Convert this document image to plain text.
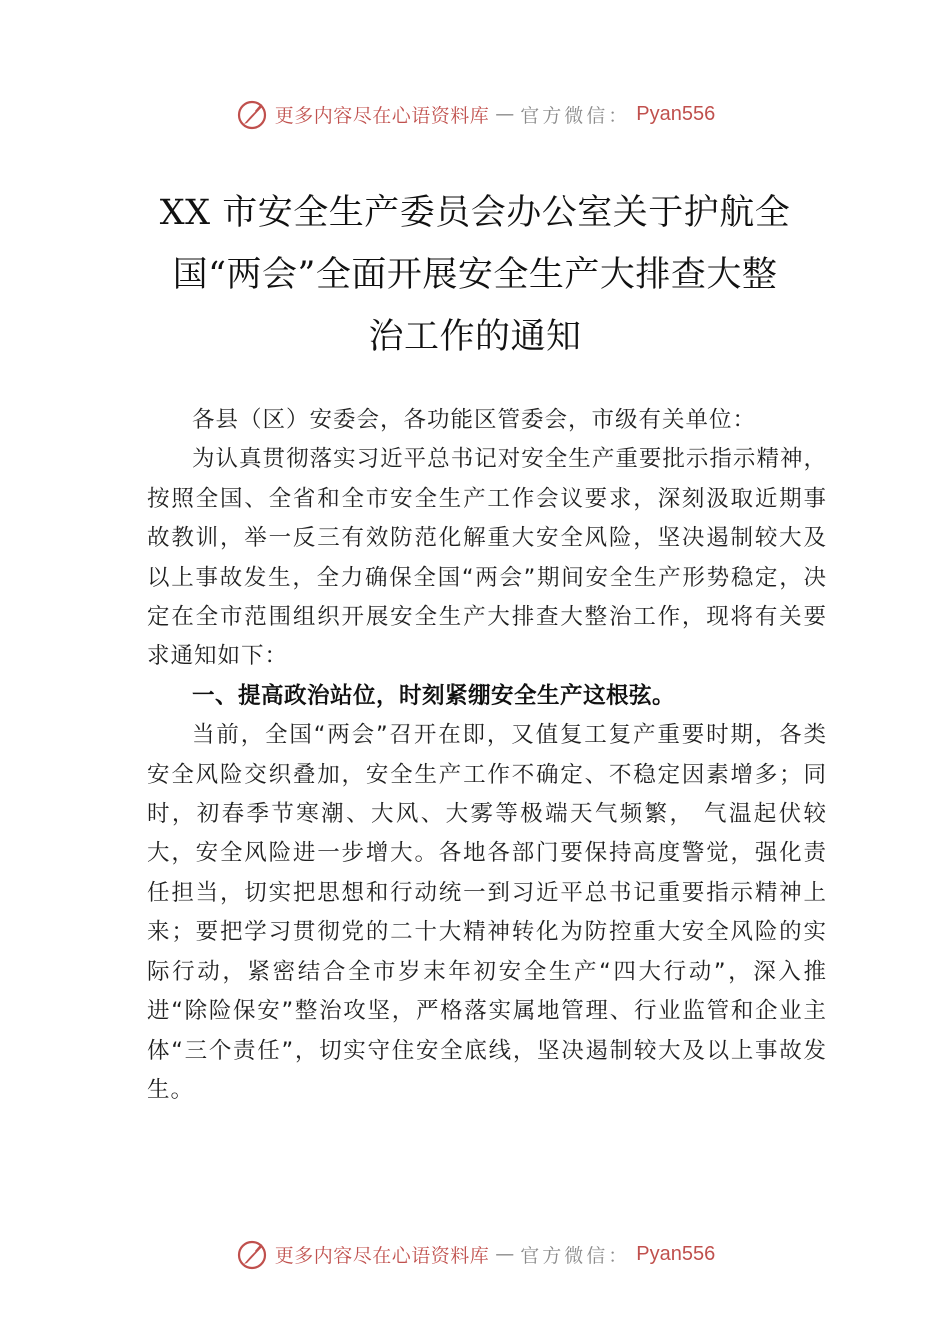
更多内容尽在心语资料库 — 官方微信： Pyan556
XX 市安全生产委员会办公室关于护航全
国“两会”全面开展安全生产大排查大整
治工作的通知

各县（区）安委会，各功能区管委会，市级有关单位：

为认真贯彻落实习近平总书记对安全生产重要批示指示精神，按照全国、全省和全市安全生产工作会议要求，深刻汲取近期事故教训，举一反三有效防范化解重大安全风险，坚决遏制较大及以上事故发生，全力确保全国“两会”期间安全生产形势稳定，决定在全市范围组织开展安全生产大排查大整治工作，现将有关要求通知如下：

一、提高政治站位，时刻紧绷安全生产这根弦。

当前，全国“两会”召开在即，又值复工复产重要时期，各类安全风险交织叠加，安全生产工作不确定、不稳定因素增多；同时，初春季节寒潮、大风、大雾等极端天气频繁， 气温起伏较大，安全风险进一步增大。各地各部门要保持高度警觉，强化责任担当，切实把思想和行动统一到习近平总书记重要指示精神上来；要把学习贯彻党的二十大精神转化为防控重大安全风险的实际行动，紧密结合全市岁末年初安全生产“四大行动”，深入推进“除险保安”整治攻坚，严格落实属地管理、行业监管和企业主体“三个责任”，切实守住安全底线，坚决遏制较大及以上事故发生。

更多内容尽在心语资料库 — 官方微信： Pyan556
